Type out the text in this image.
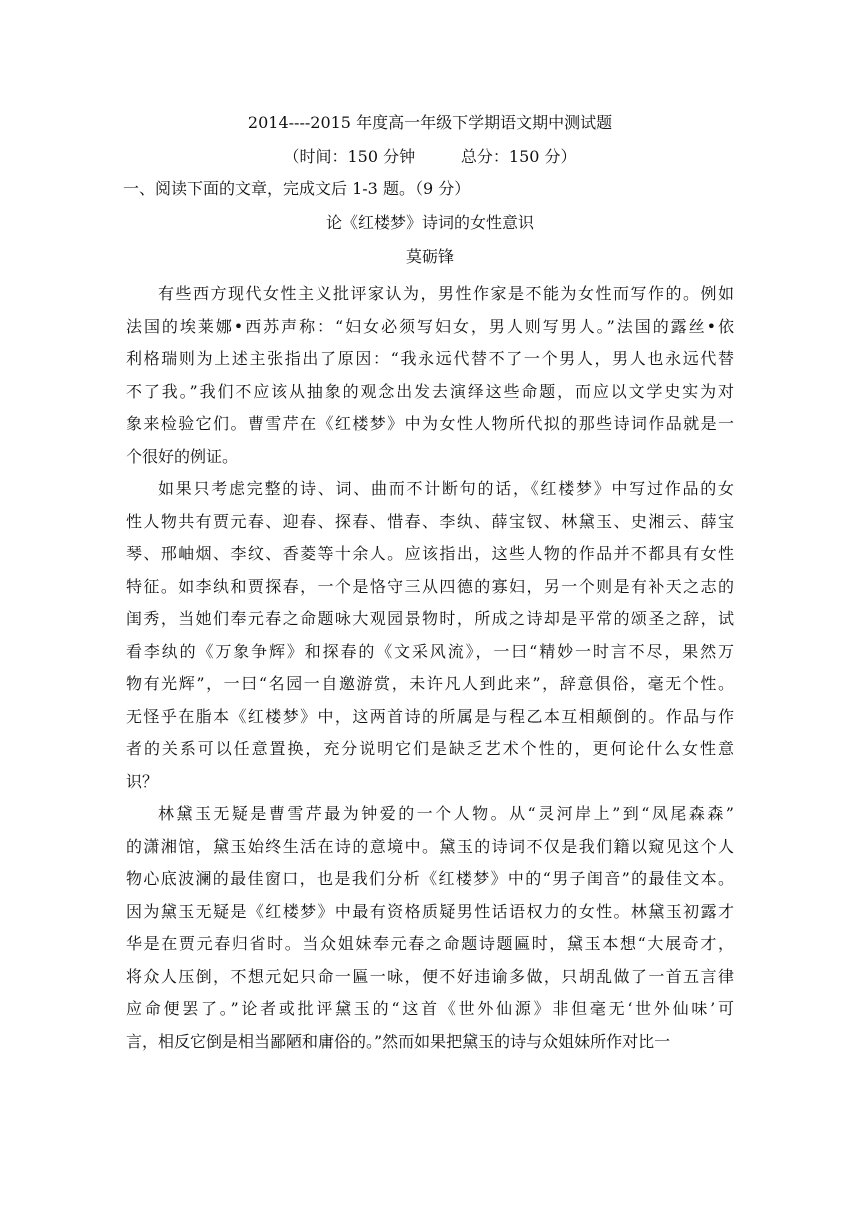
2014----2015 年度高一年级下学期语文期中测试题
（时间：150 分钟         总分：150 分）
一、阅读下面的文章，完成文后 1-3 题。（9 分）
论《红楼梦》诗词的女性意识
莫砺锋
有些西方现代女性主义批评家认为，男性作家是不能为女性而写作的。例如
法国的埃莱娜•西苏声称：“妇女必须写妇女，男人则写男人。”法国的露丝•依
利格瑞则为上述主张指出了原因：“我永远代替不了一个男人，男人也永远代替
不了我。”我们不应该从抽象的观念出发去演绎这些命题，而应以文学史实为对
象来检验它们。曹雪芹在《红楼梦》中为女性人物所代拟的那些诗词作品就是一
个很好的例证。
如果只考虑完整的诗、词、曲而不计断句的话，《红楼梦》中写过作品的女
性人物共有贾元春、迎春、探春、惜春、李纨、薛宝钗、林黛玉、史湘云、薛宝
琴、邢岫烟、李纹、香菱等十余人。应该指出，这些人物的作品并不都具有女性
特征。如李纨和贾探春，一个是恪守三从四德的寡妇，另一个则是有补天之志的
闺秀，当她们奉元春之命题咏大观园景物时，所成之诗却是平常的颂圣之辞，试
看李纨的《万象争辉》和探春的《文采风流》，一曰“精妙一时言不尽，果然万
物有光辉”，一曰“名园一自邀游赏，未许凡人到此来”，辞意俱俗，毫无个性。
无怪乎在脂本《红楼梦》中，这两首诗的所属是与程乙本互相颠倒的。作品与作
者的关系可以任意置换，充分说明它们是缺乏艺术个性的，更何论什么女性意
识？
林黛玉无疑是曹雪芹最为钟爱的一个人物。从“灵河岸上”到“凤尾森森”
的潇湘馆，黛玉始终生活在诗的意境中。黛玉的诗词不仅是我们籍以窥见这个人
物心底波澜的最佳窗口，也是我们分析《红楼梦》中的“男子闺音”的最佳文本。
因为黛玉无疑是《红楼梦》中最有资格质疑男性话语权力的女性。林黛玉初露才
华是在贾元春归省时。当众姐妹奉元春之命题诗题匾时，黛玉本想“大展奇才，
将众人压倒，不想元妃只命一匾一咏，便不好违谕多做，只胡乱做了一首五言律
应命便罢了。”论者或批评黛玉的“这首《世外仙源》非但毫无‘世外仙味’可
言，相反它倒是相当鄙陋和庸俗的。”然而如果把黛玉的诗与众姐妹所作对比一
